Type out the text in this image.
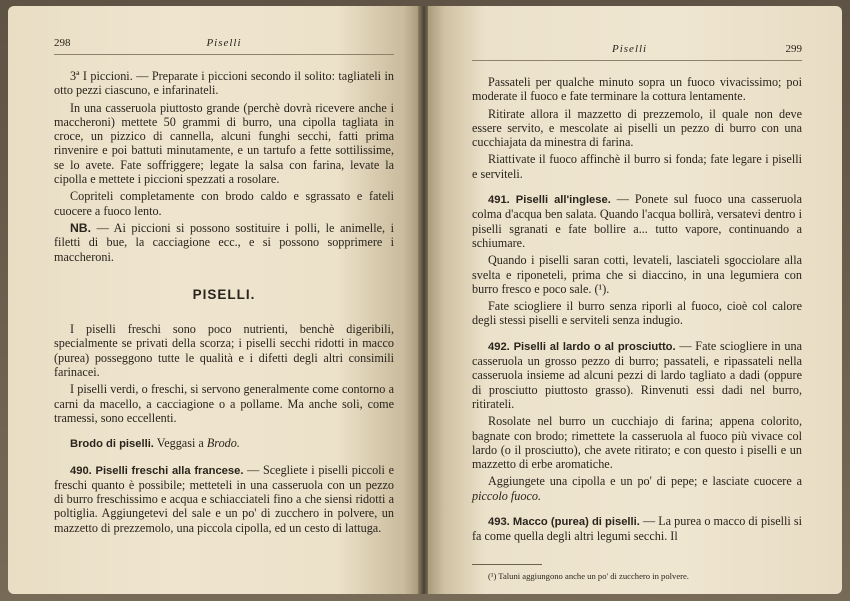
298	Piselli

3ª I piccioni. — Preparate i piccioni secondo il solito: tagliateli in otto pezzi ciascuno, e infarinateli.

In una casseruola piuttosto grande (perchè dovrà ricevere anche i maccheroni) mettete 50 grammi di burro, una cipolla tagliata in croce, un pizzico di cannella, alcuni funghi secchi, fatti prima rinvenire e poi battuti minutamente, e un tartufo a fette sottilissime, se lo avete. Fate soffriggere; legate la salsa con farina, levate la cipolla e mettete i piccioni spezzati a rosolare.

Copriteli completamente con brodo caldo e sgrassato e fateli cuocere a fuoco lento.

NB. — Ai piccioni si possono sostituire i polli, le animelle, i filetti di bue, la cacciagione ecc., e si possono sopprimere i maccheroni.

PISELLI.

I piselli freschi sono poco nutrienti, benchè digeribili, specialmente se privati della scorza; i piselli secchi ridotti in macco (purea) posseggono tutte le qualità e i difetti degli altri consimili farinacei.

I piselli verdi, o freschi, si servono generalmente come contorno a carni da macello, a cacciagione o a pollame. Ma anche soli, come tramessi, sono eccellenti.

Brodo di piselli. Veggasi a Brodo.

490. Piselli freschi alla francese. — Scegliete i piselli piccoli e freschi quanto è possibile; metteteli in una casseruola con un pezzo di burro freschissimo e acqua e schiacciateli fino a che siensi ridotti a poltiglia. Aggiungetevi del sale e un po' di zucchero in polvere, un mazzetto di prezzemolo, una piccola cipolla, ed un cesto di lattuga.

Piselli	299

Passateli per qualche minuto sopra un fuoco vivacissimo; poi moderate il fuoco e fate terminare la cottura lentamente.

Ritirate allora il mazzetto di prezzemolo, il quale non deve essere servito, e mescolate ai piselli un pezzo di burro con una cucchiajata da minestra di farina.

Riattivate il fuoco affinchè il burro si fonda; fate legare i piselli e serviteli.

491. Piselli all'inglese. — Ponete sul fuoco una casseruola colma d'acqua ben salata. Quando l'acqua bollirà, versatevi dentro i piselli sgranati e fate bollire a... tutto vapore, continuando a schiumare.

Quando i piselli saran cotti, levateli, lasciateli sgocciolare alla svelta e riponeteli, prima che si diaccino, in una legumiera con burro fresco e poco sale. (¹).

Fate sciogliere il burro senza riporli al fuoco, cioè col calore degli stessi piselli e serviteli senza indugio.

492. Piselli al lardo o al prosciutto. — Fate sciogliere in una casseruola un grosso pezzo di burro; passateli, e ripassateli nella casseruola insieme ad alcuni pezzi di lardo tagliato a dadi (oppure di prosciutto piuttosto grasso). Rinvenuti essi dadi nel burro, ritirateli.

Rosolate nel burro un cucchiajo di farina; appena colorito, bagnate con brodo; rimettete la casseruola al fuoco più vivace col lardo (o il prosciutto), che avete ritirato; e con questo i piselli e un mazzetto di erbe aromatiche.

Aggiungete una cipolla e un po' di pepe; e lasciate cuocere a piccolo fuoco.

493. Macco (purea) di piselli. — La purea o macco di piselli si fa come quella degli altri legumi secchi. Il

(¹) Taluni aggiungono anche un po' di zucchero in polvere.
